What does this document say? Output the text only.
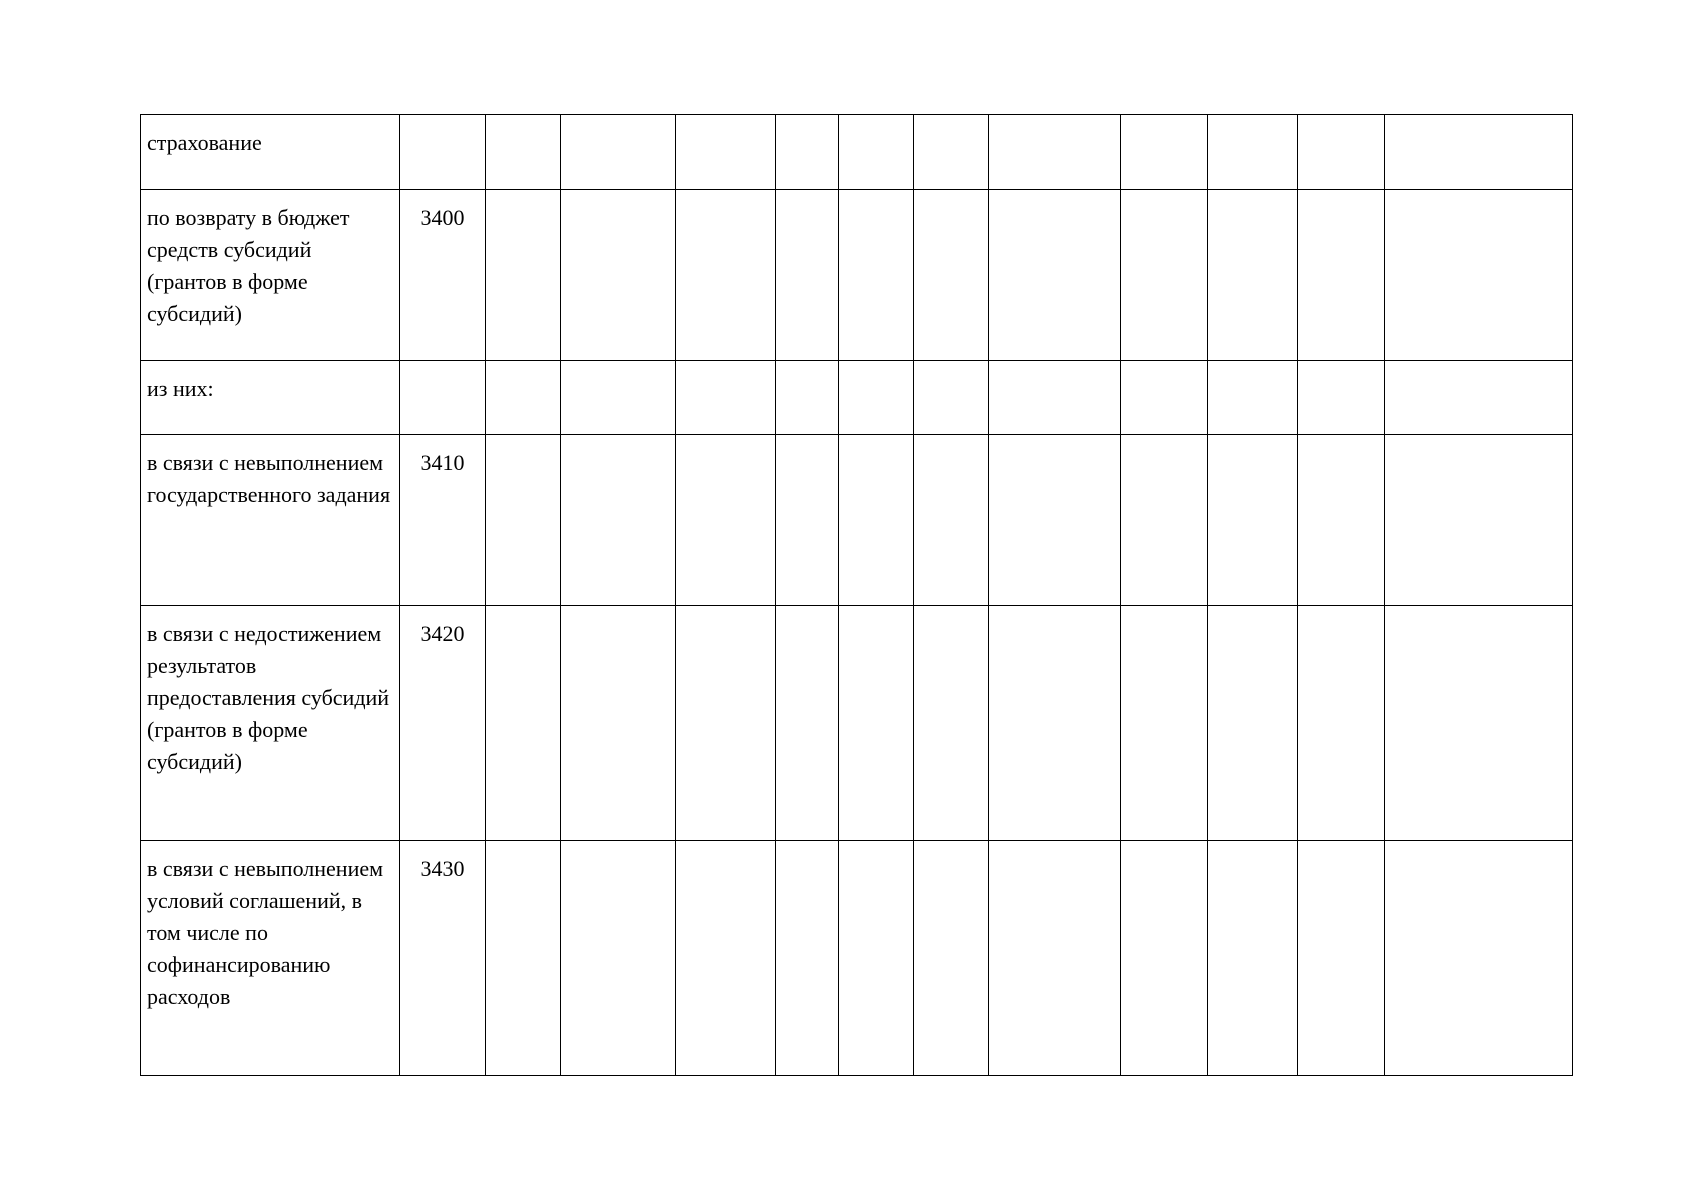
страхование												
по возврату в бюджет средств субсидий (грантов в форме субсидий)	3400											
из них:												
в связи с невыполнением государственного задания	3410											
в связи с недостижением результатов предоставления субсидий (грантов в форме субсидий)	3420											
в связи с невыполнением условий соглашений, в том числе по софинансированию расходов	3430											
